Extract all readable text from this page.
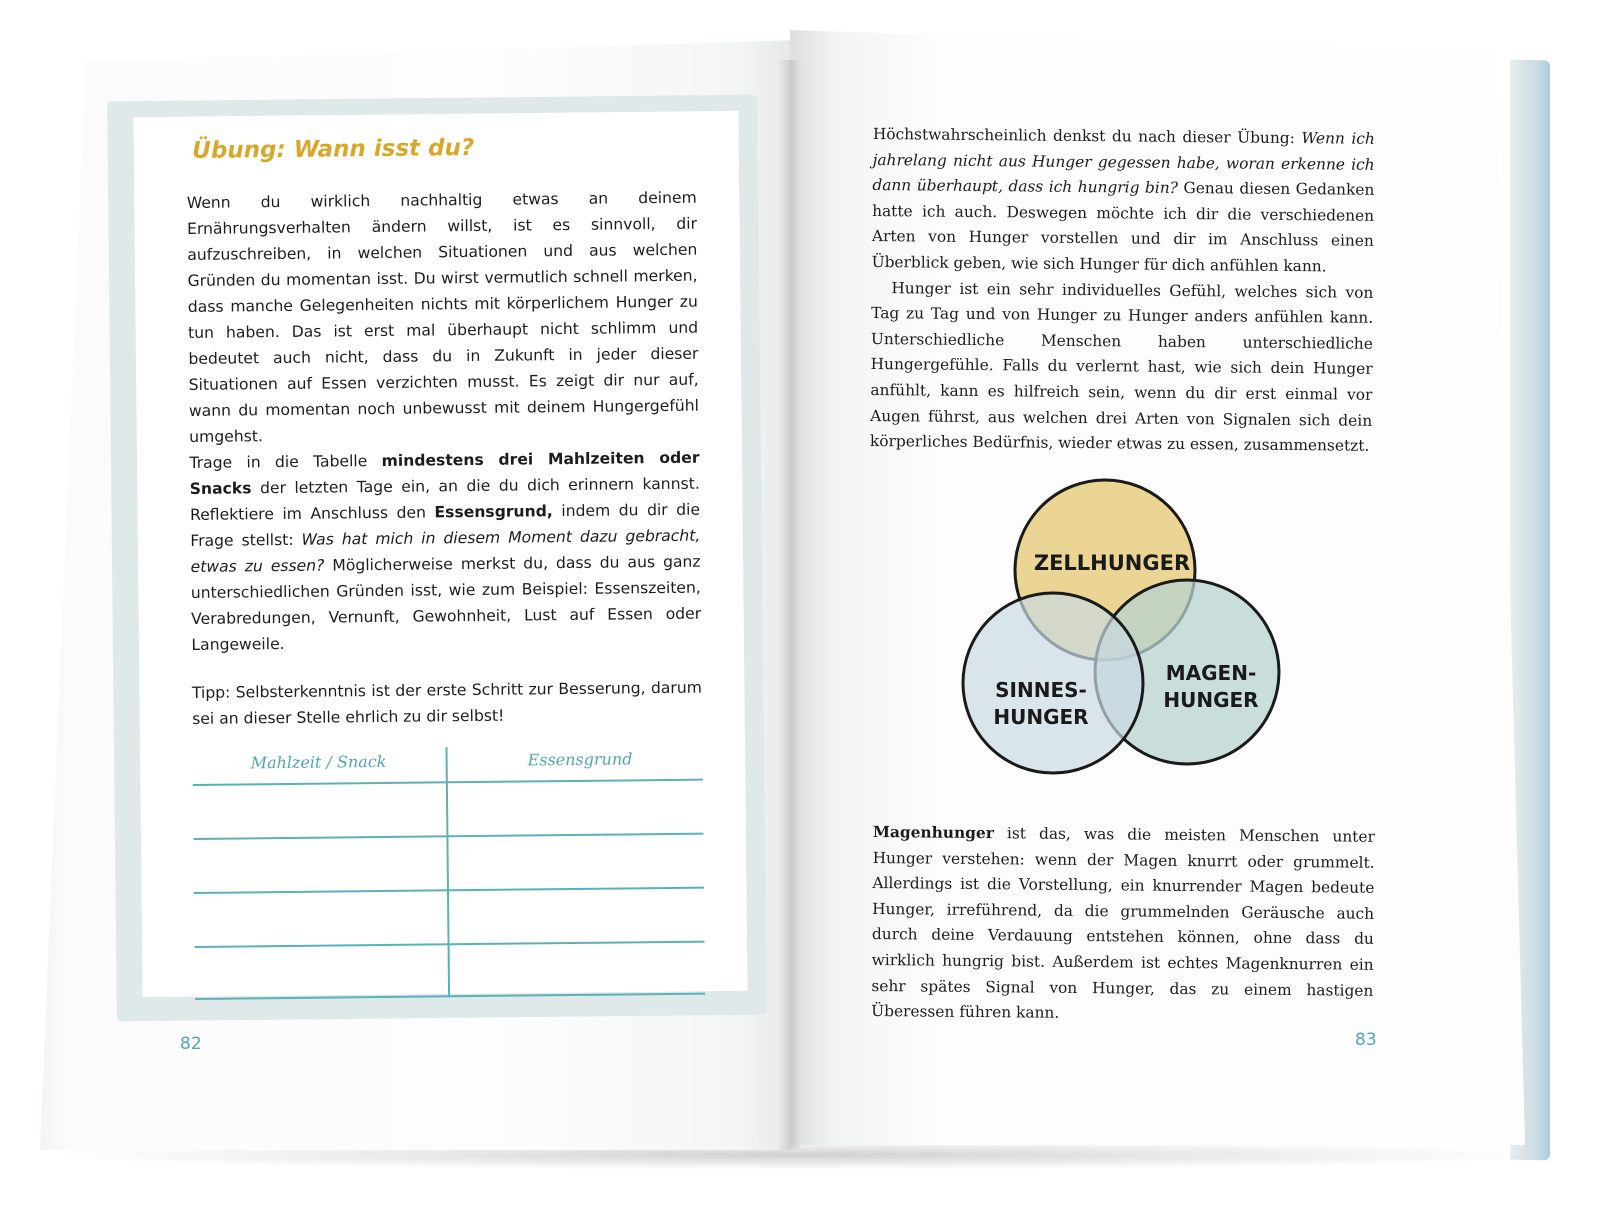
Übung: Wann isst du?

Wenn du wirklich nachhaltig etwas an deinem Ernährungsverhalten ändern willst, ist es sinnvoll, dir aufzuschreiben, in welchen Situationen und aus welchen Gründen du momentan isst. Du wirst vermutlich schnell merken, dass manche Gelegenheiten nichts mit körperlichem Hunger zu tun haben. Das ist erst mal überhaupt nicht schlimm und bedeutet auch nicht, dass du in Zukunft in jeder dieser Situationen auf Essen verzichten musst. Es zeigt dir nur auf, wann du momentan noch unbewusst mit deinem Hungergefühl umgehst.

Trage in die Tabelle mindestens drei Mahlzeiten oder Snacks der letzten Tage ein, an die du dich erinnern kannst. Reflektiere im Anschluss den Essensgrund, indem du dir die Frage stellst: Was hat mich in diesem Moment dazu gebracht, etwas zu essen? Möglicherweise merkst du, dass du aus ganz unterschiedlichen Gründen isst, wie zum Beispiel: Essenszeiten, Verabredungen, Vernunft, Gewohnheit, Lust auf Essen oder Langeweile.

Tipp: Selbsterkenntnis ist der erste Schritt zur Besserung, darum sei an dieser Stelle ehrlich zu dir selbst!

Mahlzeit / Snack	Essensgrund
82

Höchstwahrscheinlich denkst du nach dieser Übung: Wenn ich jahrelang nicht aus Hunger gegessen habe, woran erkenne ich dann überhaupt, dass ich hungrig bin? Genau diesen Gedanken hatte ich auch. Deswegen möchte ich dir die verschiedenen Arten von Hunger vorstellen und dir im Anschluss einen Überblick geben, wie sich Hunger für dich anfühlen kann.

Hunger ist ein sehr individuelles Gefühl, welches sich von Tag zu Tag und von Hunger zu Hunger anders anfühlen kann. Unterschiedliche Menschen haben unterschiedliche Hungergefühle. Falls du verlernt hast, wie sich dein Hunger anfühlt, kann es hilfreich sein, wenn du dir erst einmal vor Augen führst, aus welchen drei Arten von Signalen sich dein körperliches Bedürfnis, wieder etwas zu essen, zusammensetzt.

ZELLHUNGER
SINNES-
HUNGER
MAGEN-
HUNGER

Magenhunger ist das, was die meisten Menschen unter Hunger verstehen: wenn der Magen knurrt oder grummelt. Allerdings ist die Vorstellung, ein knurrender Magen bedeute Hunger, irreführend, da die grummelnden Geräusche auch durch deine Verdauung entstehen können, ohne dass du wirklich hungrig bist. Außerdem ist echtes Magenknurren ein sehr spätes Signal von Hunger, das zu einem hastigen Überessen führen kann.

83
